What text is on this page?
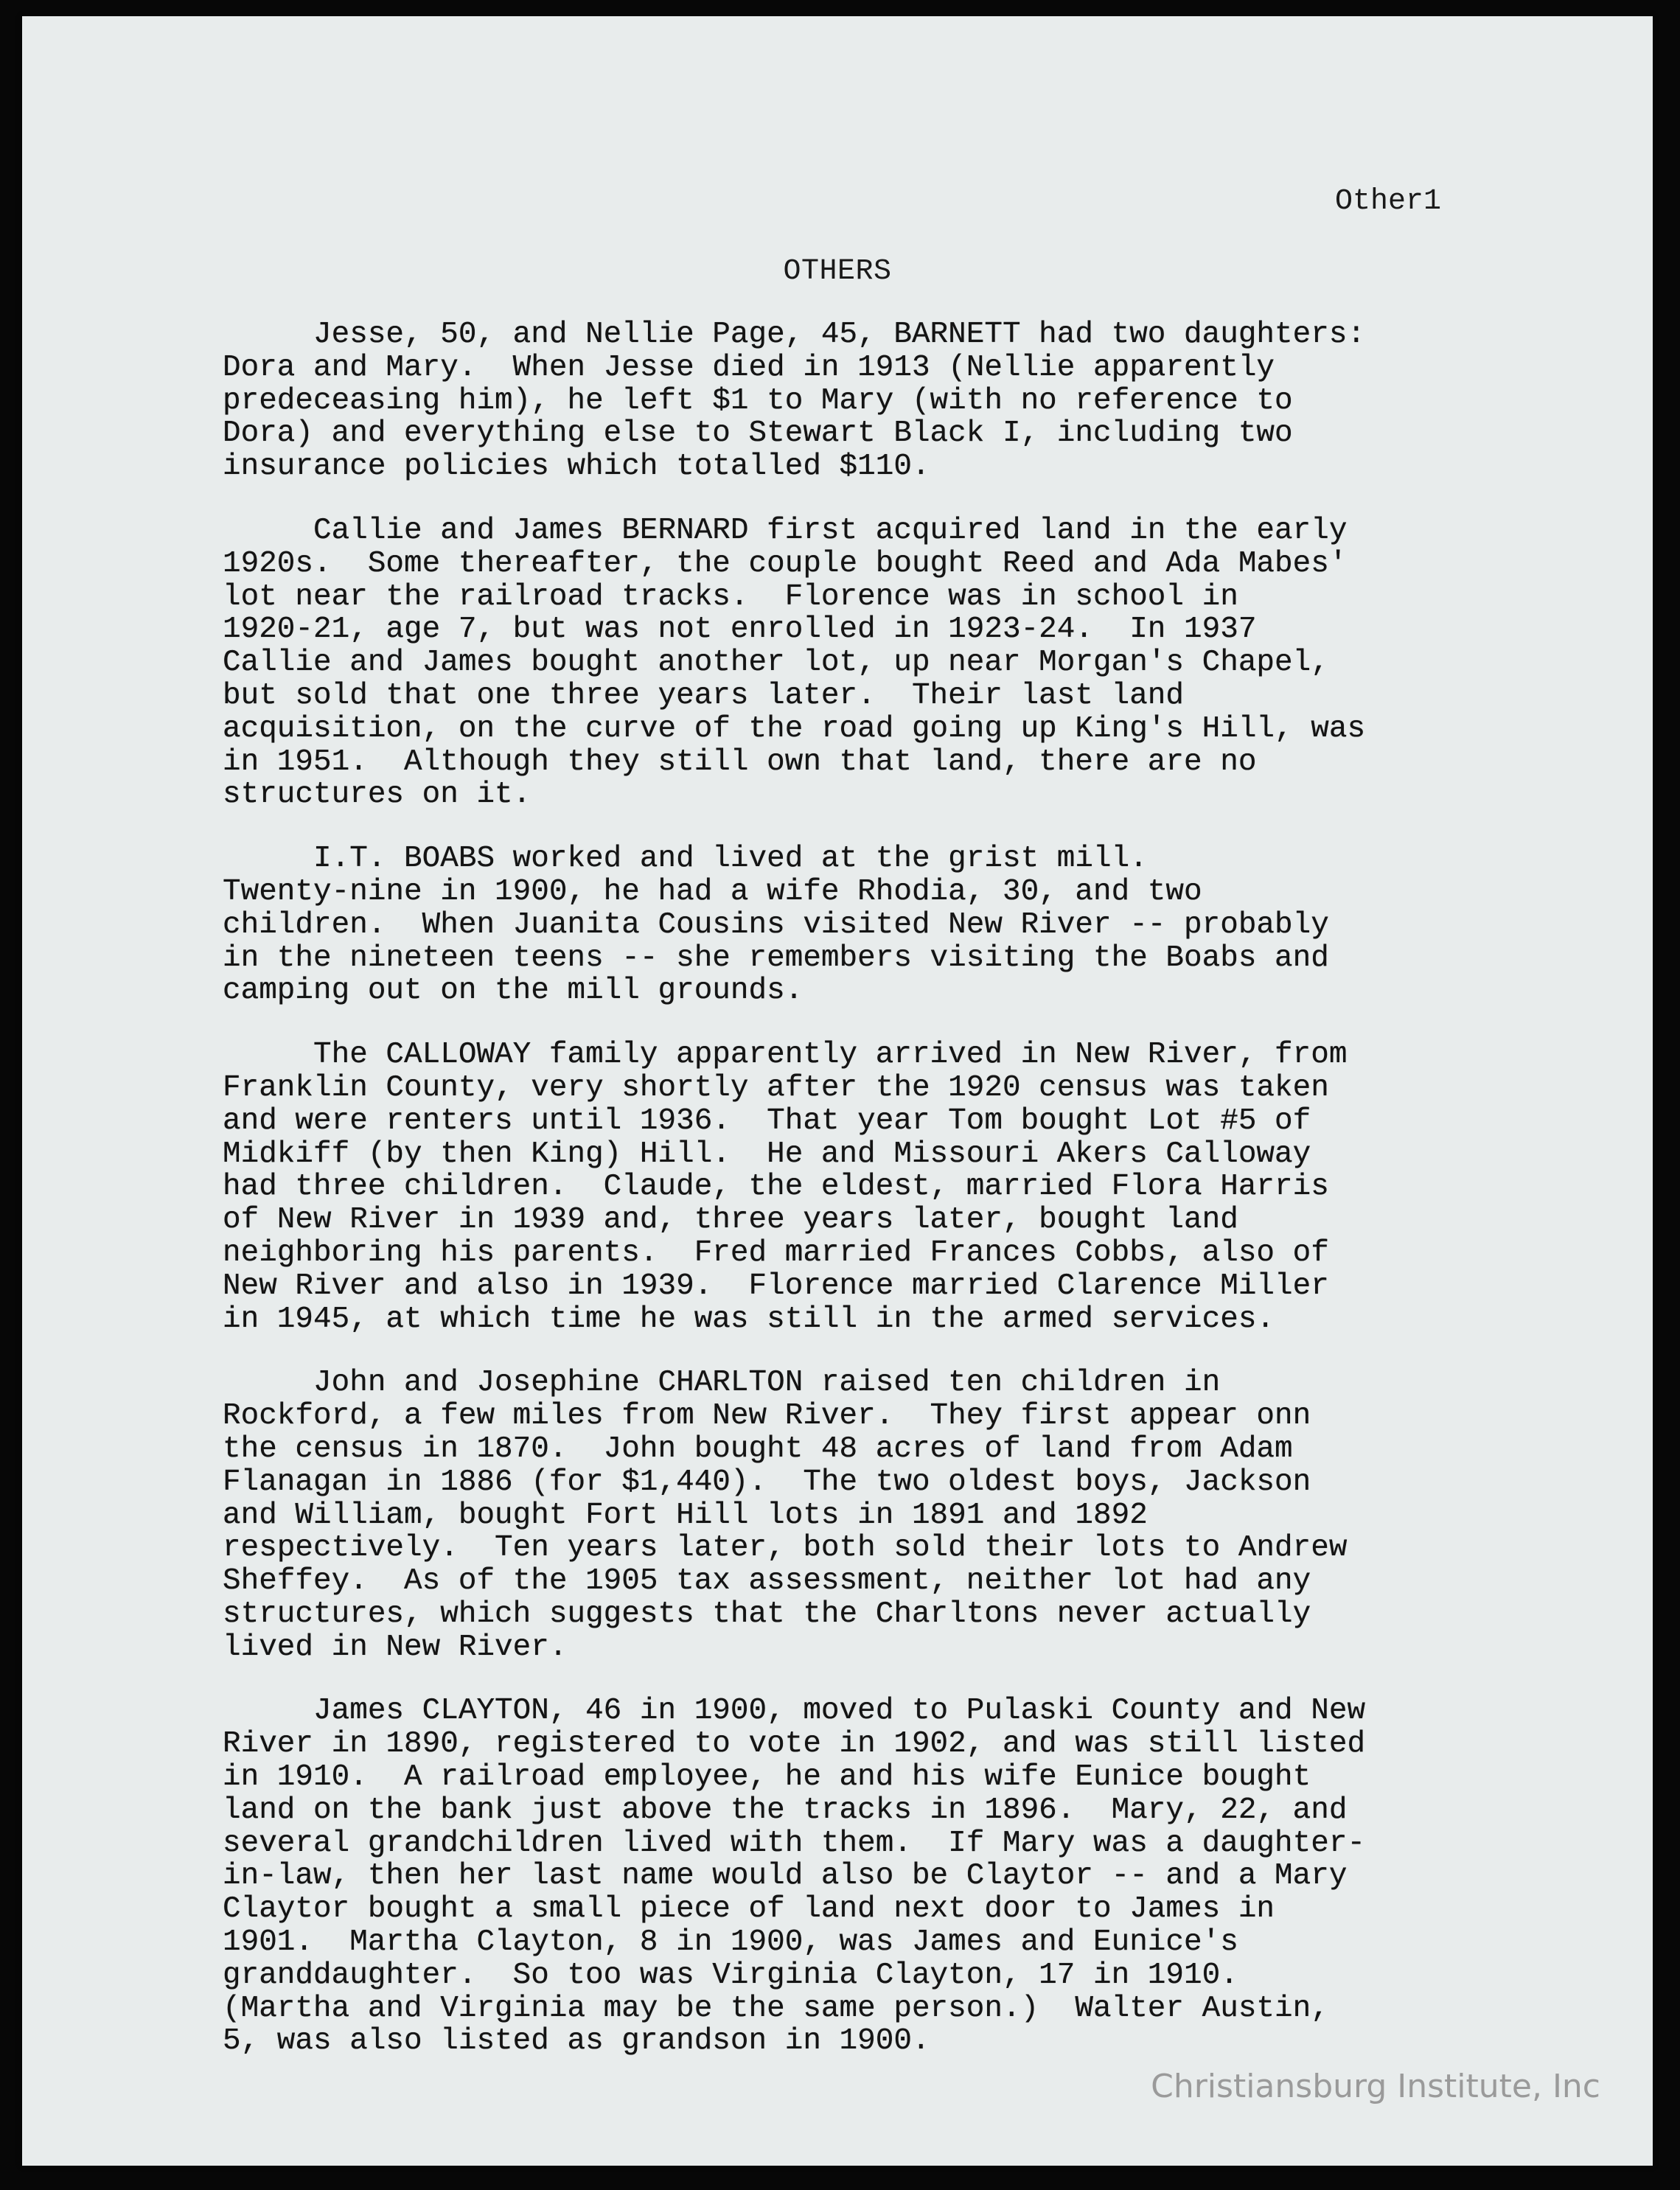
Other1
OTHERS
Jesse, 50, and Nellie Page, 45, BARNETT had two daughters:
Dora and Mary.  When Jesse died in 1913 (Nellie apparently
predeceasing him), he left $1 to Mary (with no reference to
Dora) and everything else to Stewart Black I, including two
insurance policies which totalled $110.
Callie and James BERNARD first acquired land in the early
1920s.  Some thereafter, the couple bought Reed and Ada Mabes'
lot near the railroad tracks.  Florence was in school in
1920-21, age 7, but was not enrolled in 1923-24.  In 1937
Callie and James bought another lot, up near Morgan's Chapel,
but sold that one three years later.  Their last land
acquisition, on the curve of the road going up King's Hill, was
in 1951.  Although they still own that land, there are no
structures on it.
I.T. BOABS worked and lived at the grist mill.
Twenty-nine in 1900, he had a wife Rhodia, 30, and two
children.  When Juanita Cousins visited New River -- probably
in the nineteen teens -- she remembers visiting the Boabs and
camping out on the mill grounds.
The CALLOWAY family apparently arrived in New River, from
Franklin County, very shortly after the 1920 census was taken
and were renters until 1936.  That year Tom bought Lot #5 of
Midkiff (by then King) Hill.  He and Missouri Akers Calloway
had three children.  Claude, the eldest, married Flora Harris
of New River in 1939 and, three years later, bought land
neighboring his parents.  Fred married Frances Cobbs, also of
New River and also in 1939.  Florence married Clarence Miller
in 1945, at which time he was still in the armed services.
John and Josephine CHARLTON raised ten children in
Rockford, a few miles from New River.  They first appear onn
the census in 1870.  John bought 48 acres of land from Adam
Flanagan in 1886 (for $1,440).  The two oldest boys, Jackson
and William, bought Fort Hill lots in 1891 and 1892
respectively.  Ten years later, both sold their lots to Andrew
Sheffey.  As of the 1905 tax assessment, neither lot had any
structures, which suggests that the Charltons never actually
lived in New River.
James CLAYTON, 46 in 1900, moved to Pulaski County and New
River in 1890, registered to vote in 1902, and was still listed
in 1910.  A railroad employee, he and his wife Eunice bought
land on the bank just above the tracks in 1896.  Mary, 22, and
several grandchildren lived with them.  If Mary was a daughter-
in-law, then her last name would also be Claytor -- and a Mary
Claytor bought a small piece of land next door to James in
1901.  Martha Clayton, 8 in 1900, was James and Eunice's
granddaughter.  So too was Virginia Clayton, 17 in 1910.
(Martha and Virginia may be the same person.)  Walter Austin,
5, was also listed as grandson in 1900.
Christiansburg Institute, Inc
